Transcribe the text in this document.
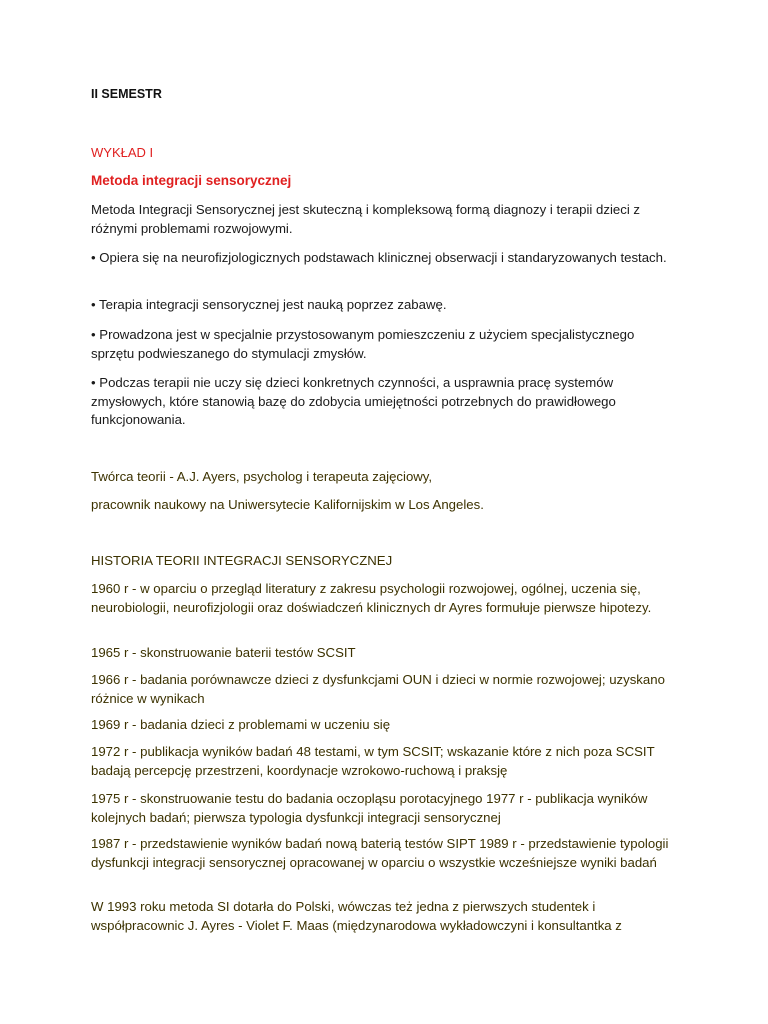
II SEMESTR
WYKŁAD I
Metoda integracji sensorycznej

Metoda Integracji Sensorycznej jest skuteczną i kompleksową formą diagnozy i terapii dzieci z różnymi problemami rozwojowymi.

• Opiera się na neurofizjologicznych podstawach klinicznej obserwacji i standaryzowanych testach.

• Terapia integracji sensorycznej jest nauką poprzez zabawę.

• Prowadzona jest w specjalnie przystosowanym pomieszczeniu z użyciem specjalistycznego sprzętu podwieszanego do stymulacji zmysłów.

• Podczas terapii nie uczy się dzieci konkretnych czynności, a usprawnia pracę systemów zmysłowych, które stanowią bazę do zdobycia umiejętności potrzebnych do prawidłowego funkcjonowania.

Twórca teorii - A.J. Ayers, psycholog i terapeuta zajęciowy,

pracownik naukowy na Uniwersytecie Kalifornijskim w Los Angeles.

HISTORIA TEORII INTEGRACJI SENSORYCZNEJ

1960 r - w oparciu o przegląd literatury z zakresu psychologii rozwojowej, ogólnej, uczenia się, neurobiologii, neurofizjologii oraz doświadczeń klinicznych dr Ayres formułuje pierwsze hipotezy.

1965 r - skonstruowanie baterii testów SCSIT

1966 r - badania porównawcze dzieci z dysfunkcjami OUN i dzieci w normie rozwojowej; uzyskano różnice w wynikach

1969 r - badania dzieci z problemami w uczeniu się

1972 r - publikacja wyników badań 48 testami, w tym SCSIT; wskazanie które z nich poza SCSIT badają percepcję przestrzeni, koordynacje wzrokowo-ruchową i praksję

1975 r - skonstruowanie testu do badania oczopląsu porotacyjnego 1977 r - publikacja wyników kolejnych badań; pierwsza typologia dysfunkcji integracji sensorycznej

1987 r - przedstawienie wyników badań nową baterią testów SIPT 1989 r - przedstawienie typologii dysfunkcji integracji sensorycznej opracowanej w oparciu o wszystkie wcześniejsze wyniki badań

W 1993 roku metoda SI dotarła do Polski, wówczas też jedna z pierwszych studentek i współpracownic J. Ayres - Violet F. Maas (międzynarodowa wykładowczyni i konsultantka z
